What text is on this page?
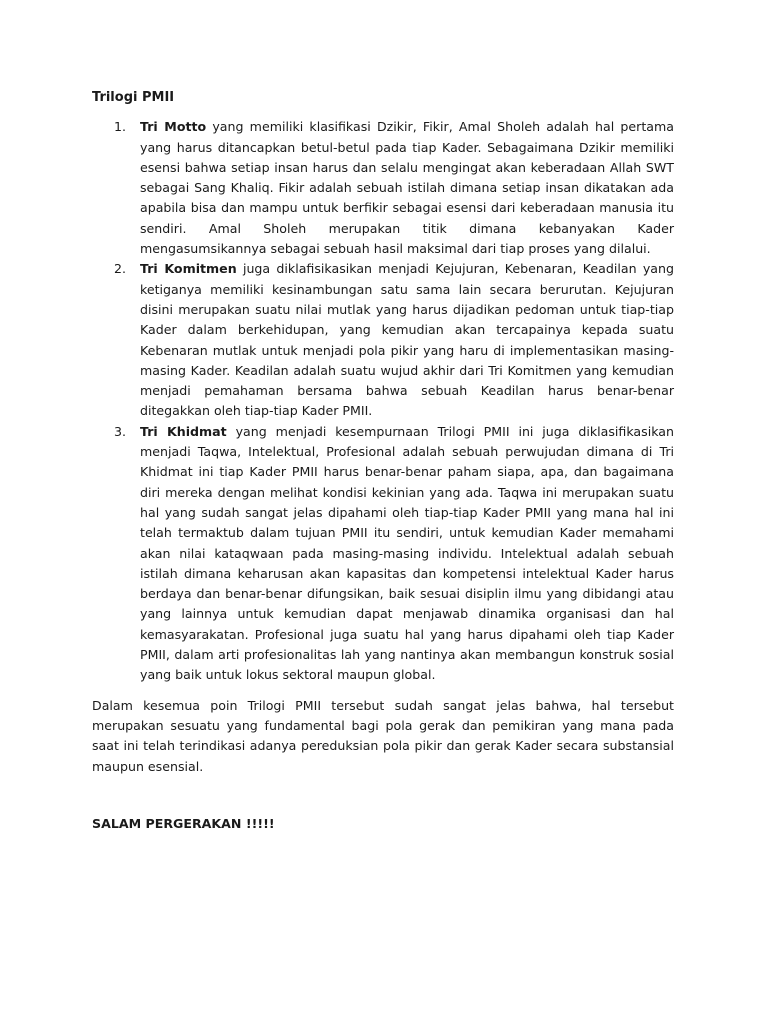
Trilogi PMII
1. Tri Motto yang memiliki klasifikasi Dzikir, Fikir, Amal Sholeh adalah hal pertama yang harus ditancapkan betul-betul pada tiap Kader. Sebagaimana Dzikir memiliki esensi bahwa setiap insan harus dan selalu mengingat akan keberadaan Allah SWT sebagai Sang Khaliq. Fikir adalah sebuah istilah dimana setiap insan dikatakan ada apabila bisa dan mampu untuk berfikir sebagai esensi dari keberadaan manusia itu sendiri. Amal Sholeh merupakan titik dimana kebanyakan Kader mengasumsikannya sebagai sebuah hasil maksimal dari tiap proses yang dilalui.
2. Tri Komitmen juga diklafisikasikan menjadi Kejujuran, Kebenaran, Keadilan yang ketiganya memiliki kesinambungan satu sama lain secara berurutan. Kejujuran disini merupakan suatu nilai mutlak yang harus dijadikan pedoman untuk tiap-tiap Kader dalam berkehidupan, yang kemudian akan tercapainya kepada suatu Kebenaran mutlak untuk menjadi pola pikir yang haru di implementasikan masing-masing Kader. Keadilan adalah suatu wujud akhir dari Tri Komitmen yang kemudian menjadi pemahaman bersama bahwa sebuah Keadilan harus benar-benar ditegakkan oleh tiap-tiap Kader PMII.
3. Tri Khidmat yang menjadi kesempurnaan Trilogi PMII ini juga diklasifikasikan menjadi Taqwa, Intelektual, Profesional adalah sebuah perwujudan dimana di Tri Khidmat ini tiap Kader PMII harus benar-benar paham siapa, apa, dan bagaimana diri mereka dengan melihat kondisi kekinian yang ada. Taqwa ini merupakan suatu hal yang sudah sangat jelas dipahami oleh tiap-tiap Kader PMII yang mana hal ini telah termaktub dalam tujuan PMII itu sendiri, untuk kemudian Kader memahami akan nilai kataqwaan pada masing-masing individu. Intelektual adalah sebuah istilah dimana keharusan akan kapasitas dan kompetensi intelektual Kader harus berdaya dan benar-benar difungsikan, baik sesuai disiplin ilmu yang dibidangi atau yang lainnya untuk kemudian dapat menjawab dinamika organisasi dan hal kemasyarakatan. Profesional juga suatu hal yang harus dipahami oleh tiap Kader PMII, dalam arti profesionalitas lah yang nantinya akan membangun konstruk sosial yang baik untuk lokus sektoral maupun global.

Dalam kesemua poin Trilogi PMII tersebut sudah sangat jelas bahwa, hal tersebut merupakan sesuatu yang fundamental bagi pola gerak dan pemikiran yang mana pada saat ini telah terindikasi adanya pereduksian pola pikir dan gerak Kader secara substansial maupun esensial.

SALAM PERGERAKAN !!!!!
